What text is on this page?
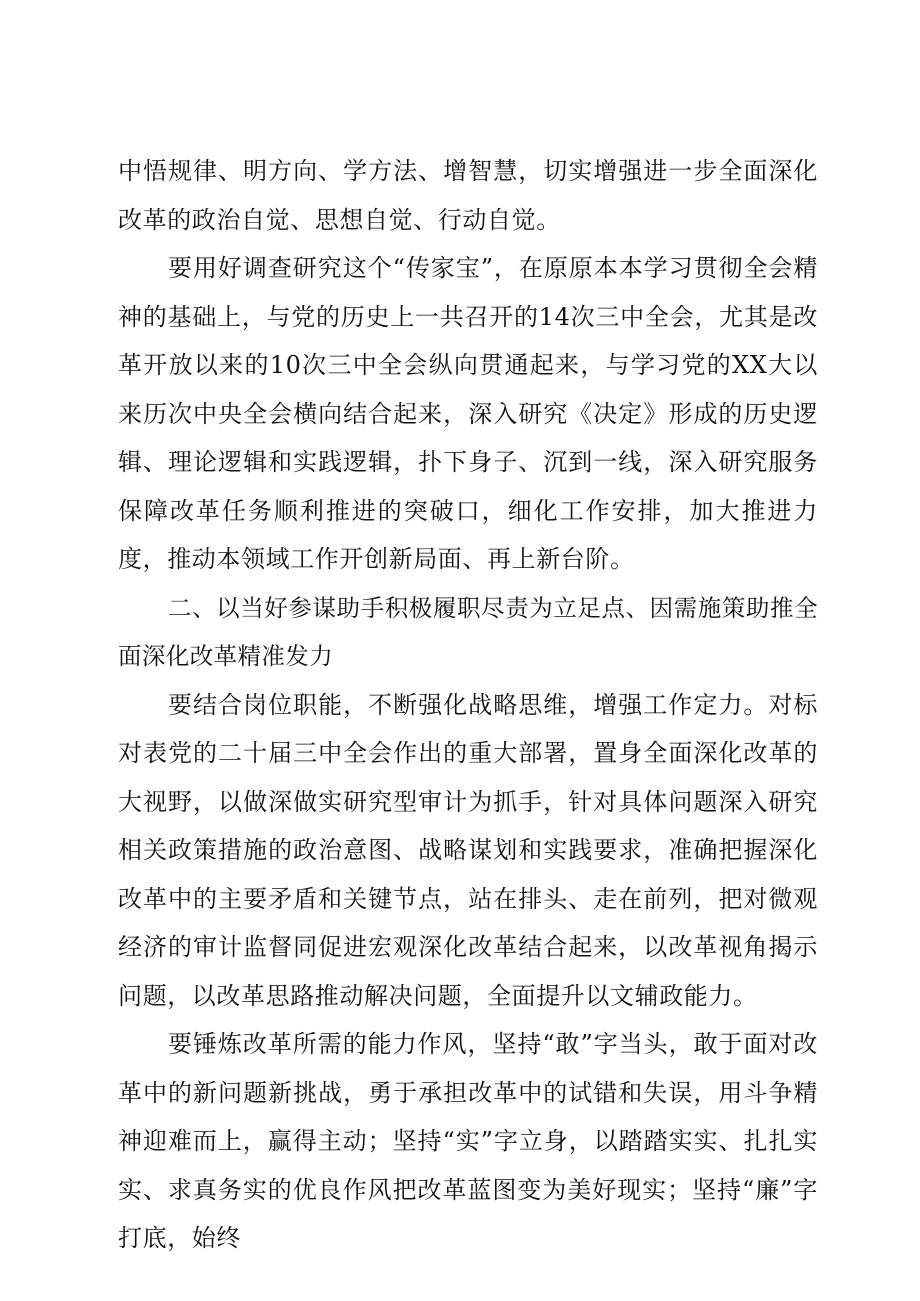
中悟规律、明方向、学方法、增智慧，切实增强进一步全面深化改革的政治自觉、思想自觉、行动自觉。

要用好调查研究这个“传家宝”，在原原本本学习贯彻全会精神的基础上，与党的历史上一共召开的14次三中全会，尤其是改革开放以来的10次三中全会纵向贯通起来，与学习党的XX大以来历次中央全会横向结合起来，深入研究《决定》形成的历史逻辑、理论逻辑和实践逻辑，扑下身子、沉到一线，深入研究服务保障改革任务顺利推进的突破口，细化工作安排，加大推进力度，推动本领域工作开创新局面、再上新台阶。

二、以当好参谋助手积极履职尽责为立足点、因需施策助推全面深化改革精准发力

要结合岗位职能，不断强化战略思维，增强工作定力。对标对表党的二十届三中全会作出的重大部署，置身全面深化改革的大视野，以做深做实研究型审计为抓手，针对具体问题深入研究相关政策措施的政治意图、战略谋划和实践要求，准确把握深化改革中的主要矛盾和关键节点，站在排头、走在前列，把对微观经济的审计监督同促进宏观深化改革结合起来，以改革视角揭示问题，以改革思路推动解决问题，全面提升以文辅政能力。

要锤炼改革所需的能力作风，坚持“敢”字当头，敢于面对改革中的新问题新挑战，勇于承担改革中的试错和失误，用斗争精神迎难而上，赢得主动；坚持“实”字立身，以踏踏实实、扎扎实实、求真务实的优良作风把改革蓝图变为美好现实；坚持“廉”字打底，始终
